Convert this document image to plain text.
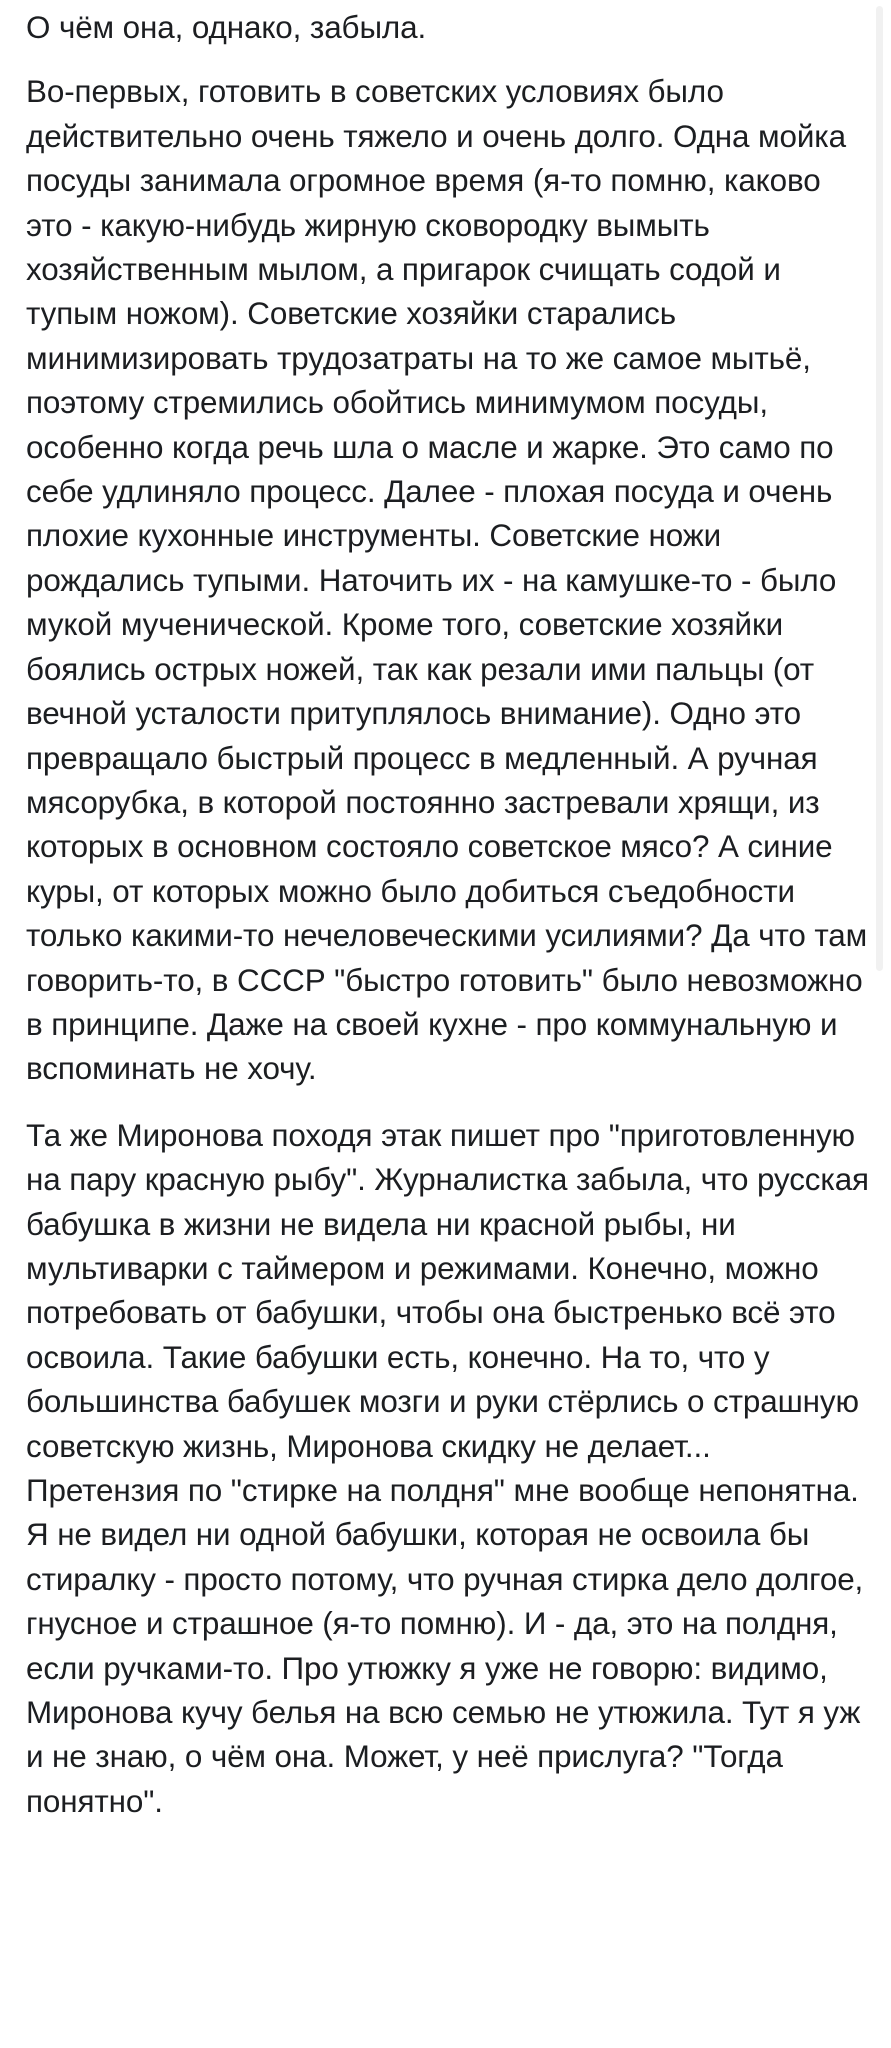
О чём она, однако, забыла.

Во-первых, готовить в советских условиях было действительно очень тяжело и очень долго. Одна мойка посуды занимала огромное время (я-то помню, каково это - какую-нибудь жирную сковородку вымыть хозяйственным мылом, а пригарок счищать содой и тупым ножом). Советские хозяйки старались минимизировать трудозатраты на то же самое мытьё, поэтому стремились обойтись минимумом посуды, особенно когда речь шла о масле и жарке. Это само по себе удлиняло процесс. Далее - плохая посуда и очень плохие кухонные инструменты. Советские ножи рождались тупыми. Наточить их - на камушке-то - было мукой мученической. Кроме того, советские хозяйки боялись острых ножей, так как резали ими пальцы (от вечной усталости притуплялось внимание). Одно это превращало быстрый процесс в медленный. А ручная мясорубка, в которой постоянно застревали хрящи, из которых в основном состояло советское мясо? А синие куры, от которых можно было добиться съедобности только какими-то нечеловеческими усилиями? Да что там говорить-то, в СССР "быстро готовить" было невозможно в принципе. Даже на своей кухне - про коммунальную и вспоминать не хочу.

Та же Миронова походя этак пишет про "приготовленную на пару красную рыбу". Журналистка забыла, что русская бабушка в жизни не видела ни красной рыбы, ни мультиварки с таймером и режимами. Конечно, можно потребовать от бабушки, чтобы она быстренько всё это освоила. Такие бабушки есть, конечно. На то, что у большинства бабушек мозги и руки стёрлись о страшную советскую жизнь, Миронова скидку не делает... Претензия по "стирке на полдня" мне вообще непонятна. Я не видел ни одной бабушки, которая не освоила бы стиралку - просто потому, что ручная стирка дело долгое, гнусное и страшное (я-то помню). И - да, это на полдня, если ручками-то. Про утюжку я уже не говорю: видимо, Миронова кучу белья на всю семью не утюжила. Тут я уж и не знаю, о чём она. Может, у неё прислуга? "Тогда понятно".
